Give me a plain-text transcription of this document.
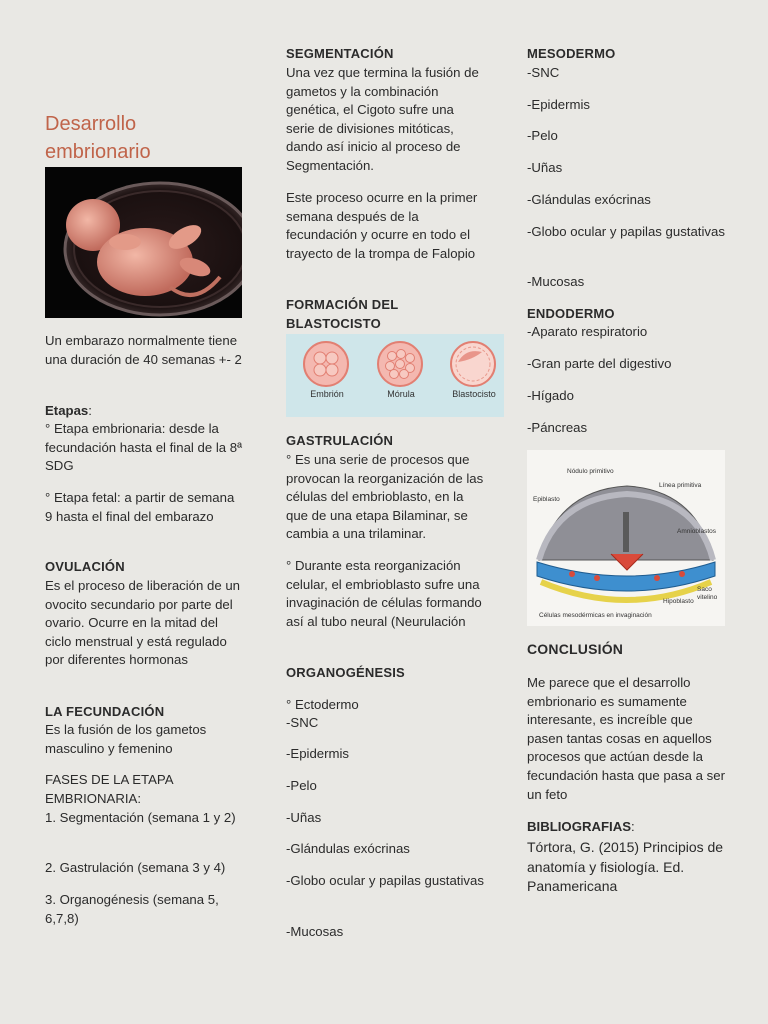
Desarrollo embrionario

Un embarazo normalmente tiene una duración de 40 semanas +- 2

Etapas:

° Etapa embrionaria: desde la fecundación hasta el final de la 8ª SDG

° Etapa fetal: a partir de semana 9 hasta el final del embarazo

OVULACIÓN

Es el proceso de liberación de un ovocito secundario por parte del ovario. Ocurre en la mitad del ciclo menstrual y está regulado por diferentes hormonas

LA FECUNDACIÓN

Es la fusión de los gametos masculino y femenino

FASES DE LA ETAPA EMBRIONARIA:

1. Segmentación (semana 1 y 2)

2. Gastrulación (semana 3 y 4)

3. Organogénesis (semana 5, 6,7,8)

SEGMENTACIÓN

Una vez que termina la fusión de gametos y la combinación genética, el Cigoto sufre una serie de divisiones mitóticas, dando así inicio al proceso de Segmentación.

Este proceso ocurre en la primer semana después de la fecundación y ocurre en todo el trayecto de la trompa de Falopio

FORMACIÓN DEL BLASTOCISTO

Embrión	Mórula	Blastocisto

GASTRULACIÓN

° Es una serie de procesos que provocan la reorganización de las células del embrioblasto, en la que de una etapa Bilaminar, se cambia a una trilaminar.

° Durante esta reorganización celular, el embrioblasto sufre una invaginación de células formando así al tubo neural (Neurulación

ORGANOGÉNESIS

° Ectodermo

-SNC

-Epidermis

-Pelo

-Uñas

-Glándulas exócrinas

-Globo ocular y papilas gustativas

-Mucosas

MESODERMO

-SNC

-Epidermis

-Pelo

-Uñas

-Glándulas exócrinas

-Globo ocular y papilas gustativas

-Mucosas

ENDODERMO

-Aparato respiratorio

-Gran parte del digestivo

-Hígado

-Páncreas

Nódulo primitivo
Línea primitiva
Epiblasto
Amnioblastos
Saco vitelino
Hipoblasto
Células mesodérmicas en invaginación

CONCLUSIÓN

Me parece que el desarrollo embrionario es sumamente interesante, es increíble que pasen tantas cosas en aquellos procesos que actúan desde la fecundación hasta que pasa a ser un feto

BIBLIOGRAFIAS:

Tórtora, G. (2015) Principios de anatomía y fisiología. Ed. Panamericana
